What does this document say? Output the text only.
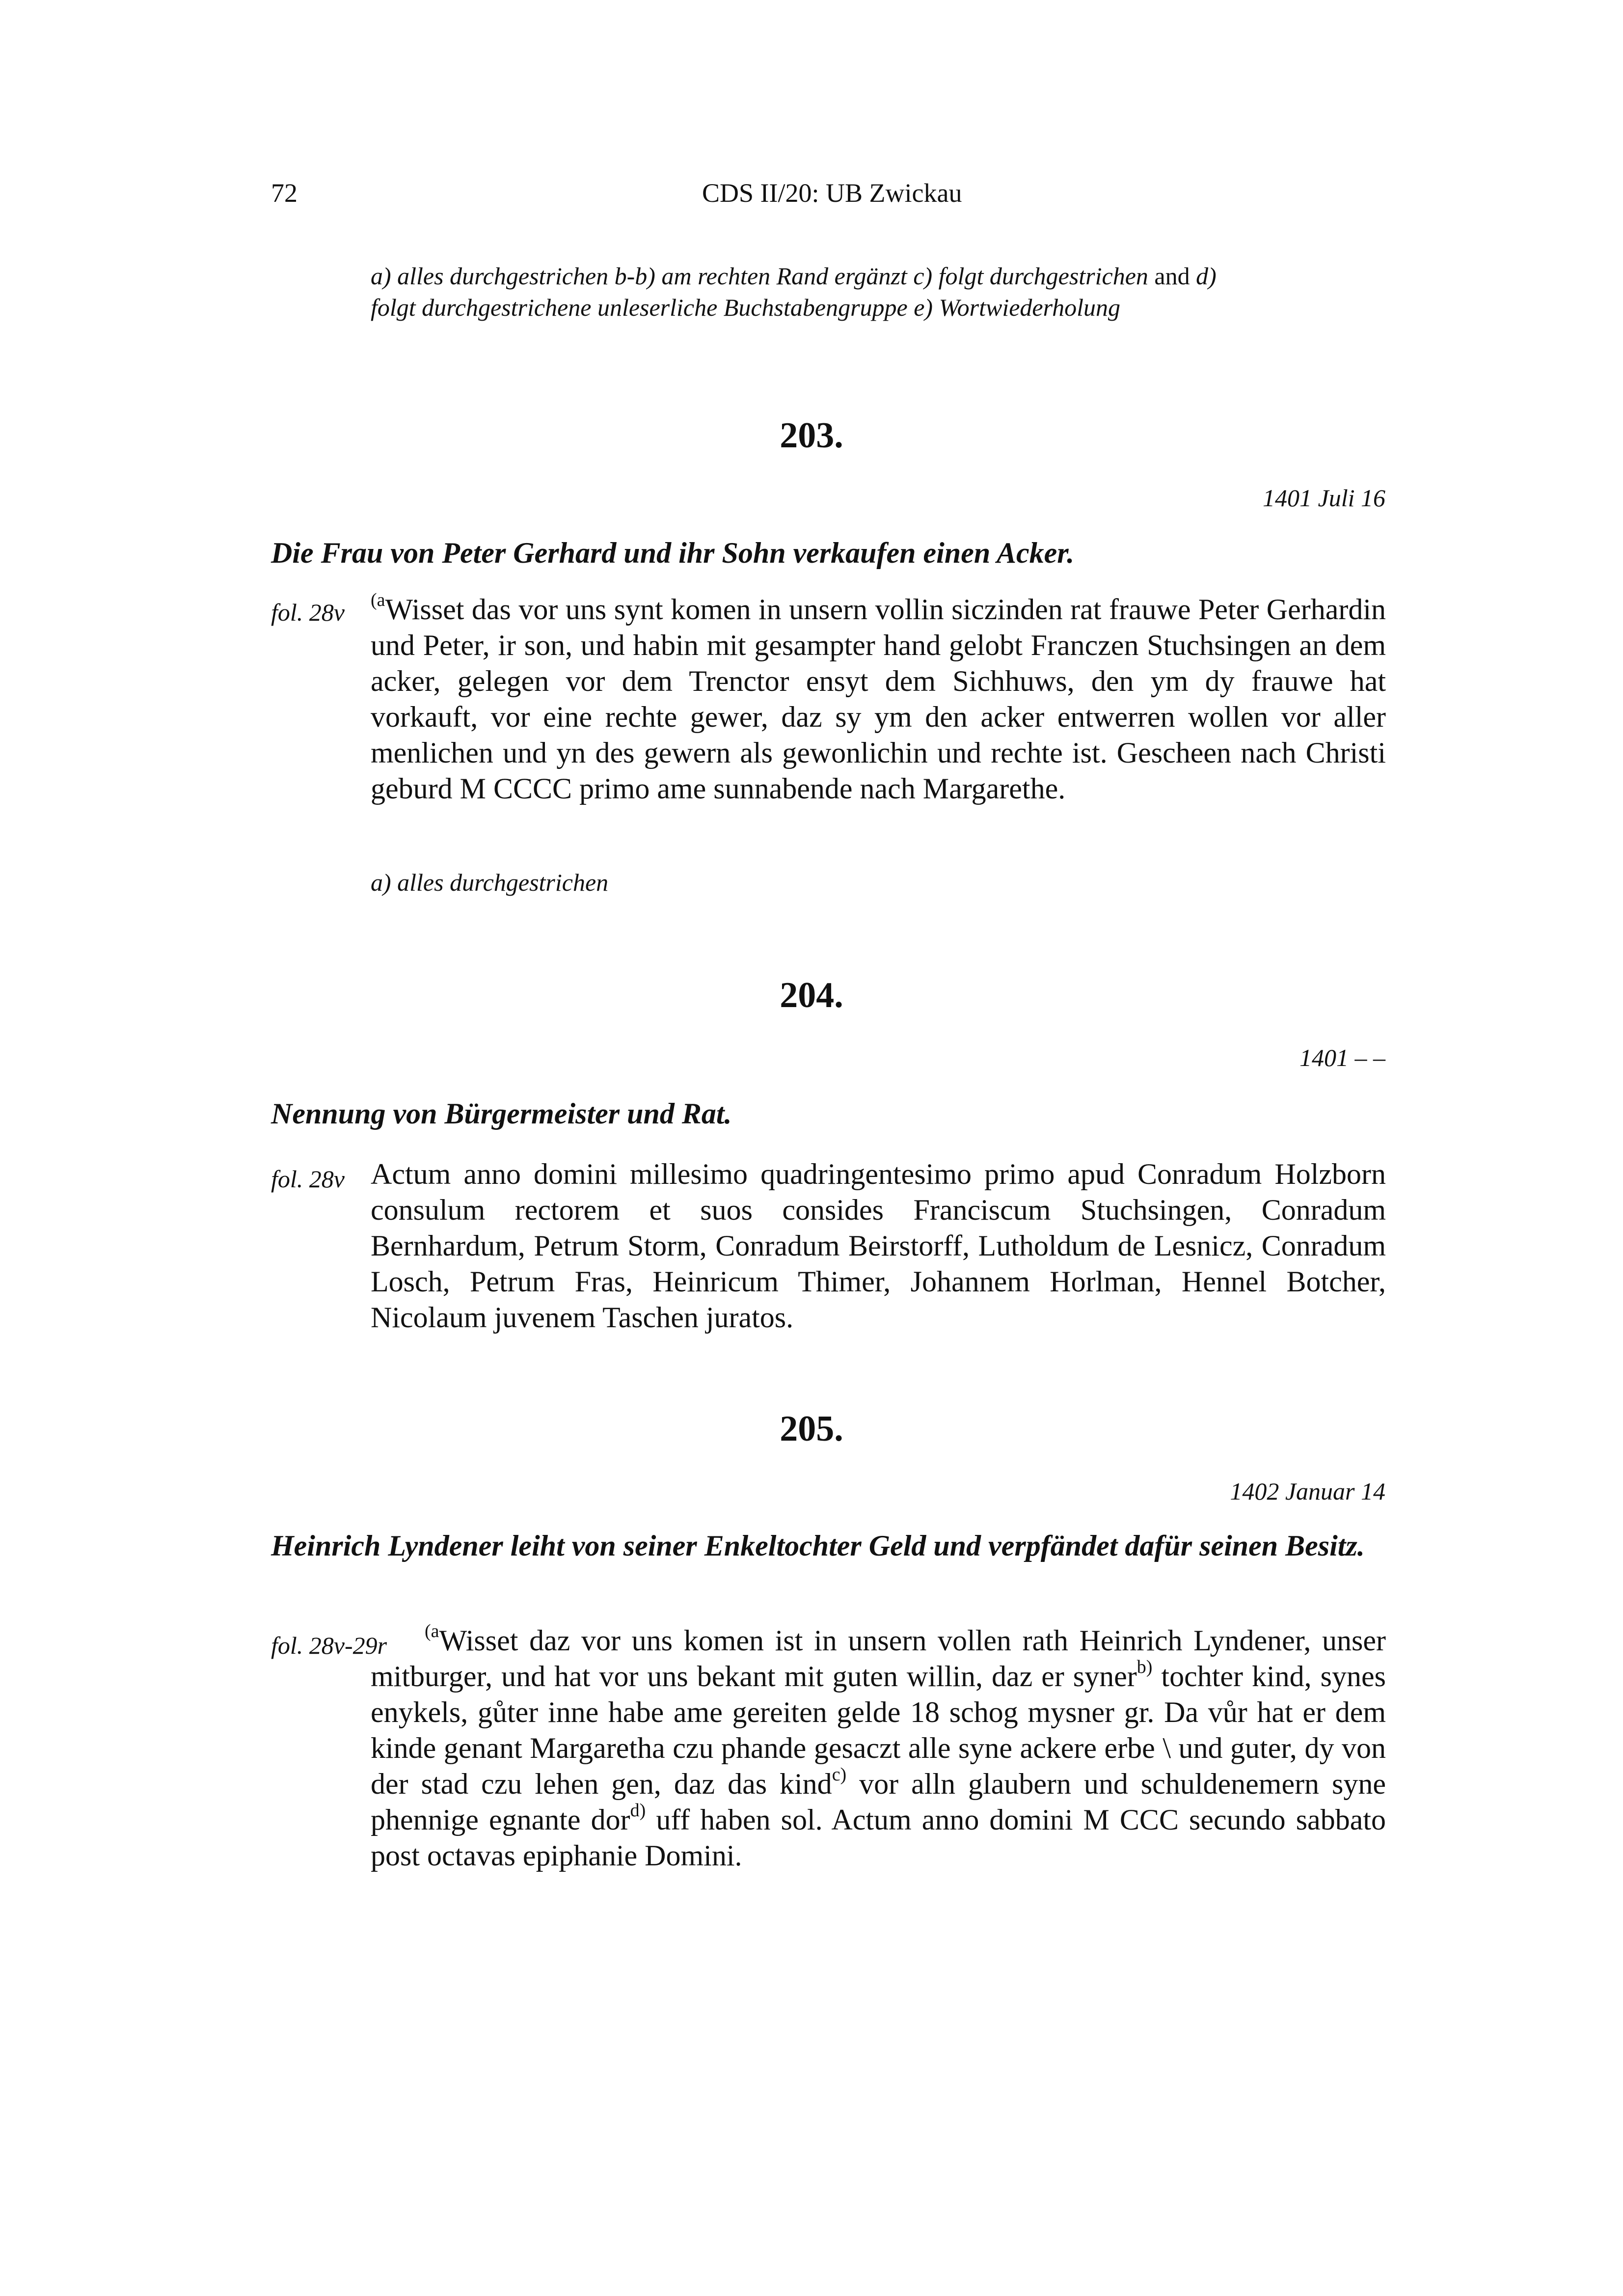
72	CDS II/20: UB Zwickau
a) alles durchgestrichen b-b) am rechten Rand ergänzt c) folgt durchgestrichen and d)
folgt durchgestrichene unleserliche Buchstabengruppe e) Wortwiederholung
203.
1401 Juli 16
Die Frau von Peter Gerhard und ihr Sohn verkaufen einen Acker.
fol. 28v $^{(a}$Wisset das vor uns synt komen in unsern vollin siczinden rat frauwe Peter Gerhardin und Peter, ir son, und habin mit gesampter hand gelobt Franczen Stuchsingen an dem acker, gelegen vor dem Trenctor ensyt dem Sichhuws, den ym dy frauwe hat vorkauft, vor eine rechte gewer, daz sy ym den acker entwerren wollen vor aller menlichen und yn des gewern als gewonlichin und rechte ist. Gescheen nach Christi geburd M CCCC primo ame sunnabende nach Margarethe.
a) alles durchgestrichen
204.
1401 – –
Nennung von Bürgermeister und Rat.
fol. 28v Actum anno domini millesimo quadringentesimo primo apud Conradum Holzborn consulum rectorem et suos consides Franciscum Stuchsingen, Conradum Bernhardum, Petrum Storm, Conradum Beirstorff, Lutholdum de Lesnicz, Conradum Losch, Petrum Fras, Heinricum Thimer, Johannem Horlman, Hennel Botcher, Nicolaum juvenem Taschen juratos.
205.
1402 Januar 14
Heinrich Lyndener leiht von seiner Enkeltochter Geld und verpfändet dafür seinen Besitz.
fol. 28v-29r
$^{(a}$Wisset daz vor uns komen ist in unsern vollen rath Heinrich Lyndener, unser mitburger, und hat vor uns bekant mit guten willin, daz er syner$^{b)}$ tochter kind, synes enykels, gůter inne habe ame gereiten gelde 18 schog mysner gr. Da vůr hat er dem kinde genant Margaretha czu phande gesaczt alle syne ackere erbe \ und guter, dy von der stad czu lehen gen, daz das kind$^{c)}$ vor alln glaubern und schuldenemern syne phennige egnante dor$^{d)}$ uff haben sol. Actum anno domini M CCC secundo sabbato post octavas epiphanie Domini.
